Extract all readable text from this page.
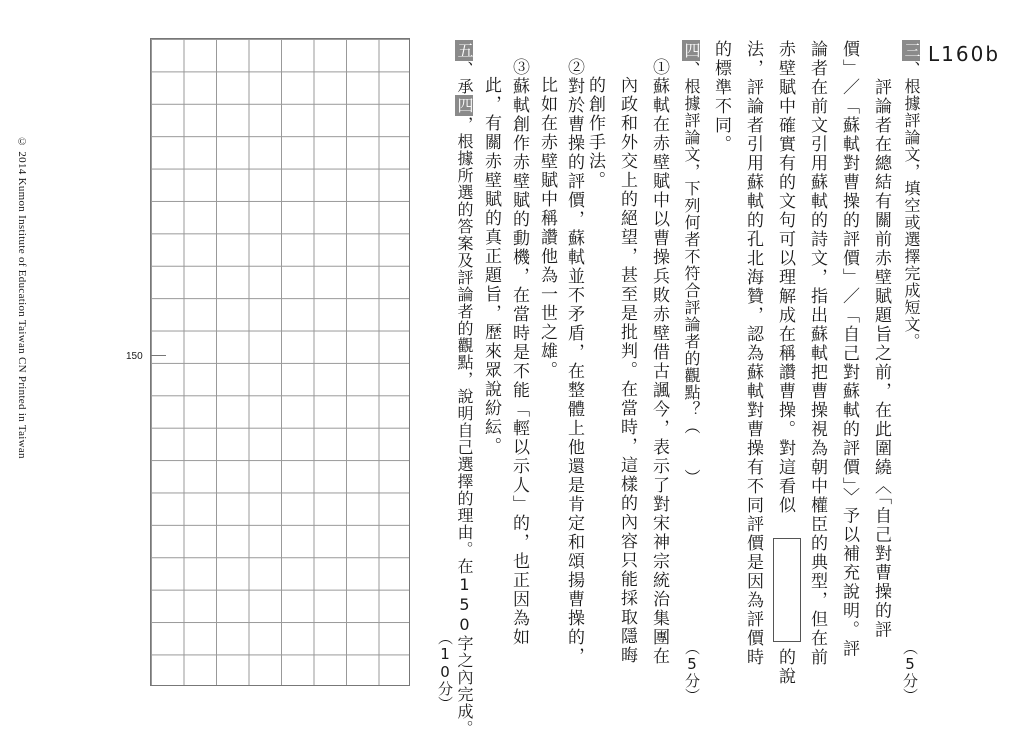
L160b
三、根據評論文，填空或選擇完成短文。
（5分）
評論者在總結有關前赤壁賦題旨之前，在此圍繞〈「自己對曹操的評
價」／「蘇軾對曹操的評價」／「自己對蘇軾的評價」〉予以補充說明。評
論者在前文引用蘇軾的詩文，指出蘇軾把曹操視為朝中權臣的典型，但在前
赤壁賦中確實有的文句可以理解成在稱讚曹操。對這看似
的說
法，評論者引用蘇軾的孔北海贊，認為蘇軾對曹操有不同評價是因為評價時
的標準不同。
四、根據評論文，下列何者不符合評論者的觀點？（　　）
（5分）
①蘇軾在赤壁賦中以曹操兵敗赤壁借古諷今，表示了對宋神宗統治集團在
內政和外交上的絕望，甚至是批判。在當時，這樣的內容只能採取隱晦
的創作手法。
②對於曹操的評價，蘇軾並不矛盾，在整體上他還是肯定和頌揚曹操的，
比如在赤壁賦中稱讚他為一世之雄。
③蘇軾創作赤壁賦的動機，在當時是不能「輕以示人」的，也正因為如
此，有關赤壁賦的真正題旨，歷來眾說紛紜。
五、承四，根據所選的答案及評論者的觀點，說明自己選擇的理由。在150字之內完成。
（10分）
150
© 2014 Kumon Institute of Education Taiwan CN Printed in Taiwan
